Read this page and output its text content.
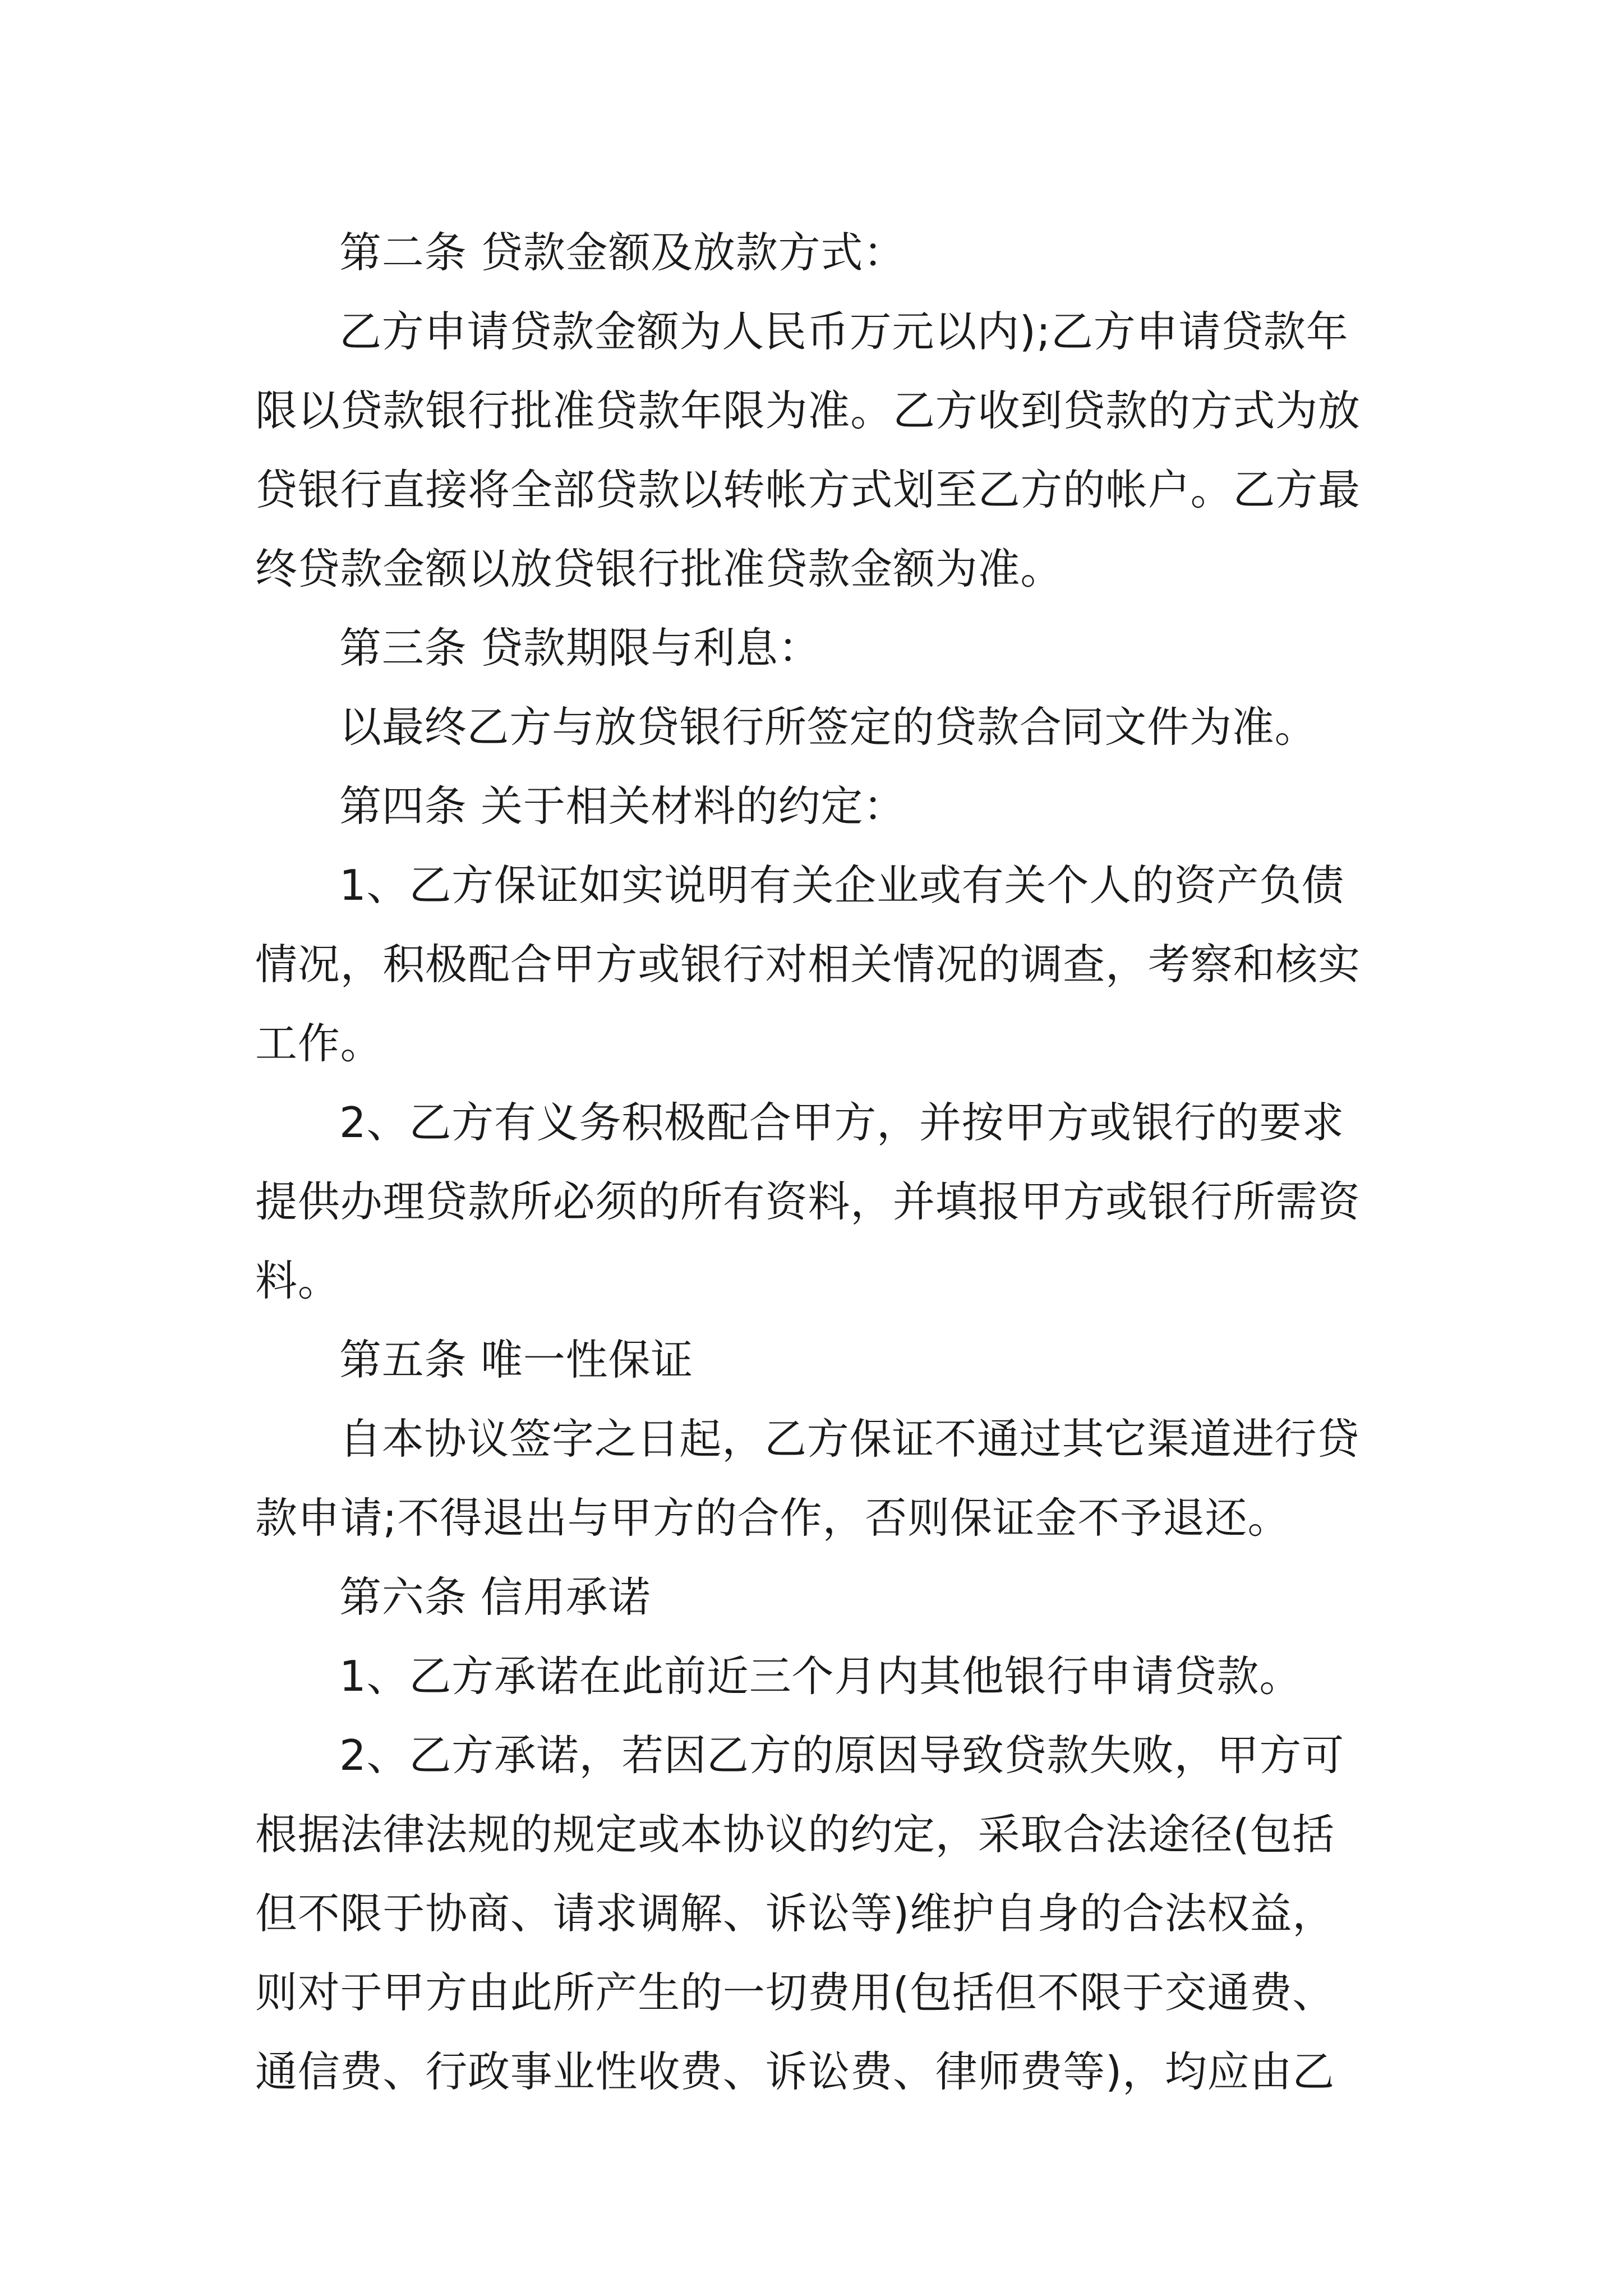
第二条 贷款金额及放款方式：
乙方申请贷款金额为人民币万元以内);乙方申请贷款年
限以贷款银行批准贷款年限为准。乙方收到贷款的方式为放
贷银行直接将全部贷款以转帐方式划至乙方的帐户。乙方最
终贷款金额以放贷银行批准贷款金额为准。
第三条 贷款期限与利息：
以最终乙方与放贷银行所签定的贷款合同文件为准。
第四条 关于相关材料的约定：
1、乙方保证如实说明有关企业或有关个人的资产负债
情况，积极配合甲方或银行对相关情况的调查，考察和核实
工作。
2、乙方有义务积极配合甲方，并按甲方或银行的要求
提供办理贷款所必须的所有资料，并填报甲方或银行所需资
料。
第五条 唯一性保证
自本协议签字之日起，乙方保证不通过其它渠道进行贷
款申请;不得退出与甲方的合作，否则保证金不予退还。
第六条 信用承诺
1、乙方承诺在此前近三个月内其他银行申请贷款。
2、乙方承诺，若因乙方的原因导致贷款失败，甲方可
根据法律法规的规定或本协议的约定，采取合法途径(包括
但不限于协商、请求调解、诉讼等)维护自身的合法权益，
则对于甲方由此所产生的一切费用(包括但不限于交通费、
通信费、行政事业性收费、诉讼费、律师费等)，均应由乙
